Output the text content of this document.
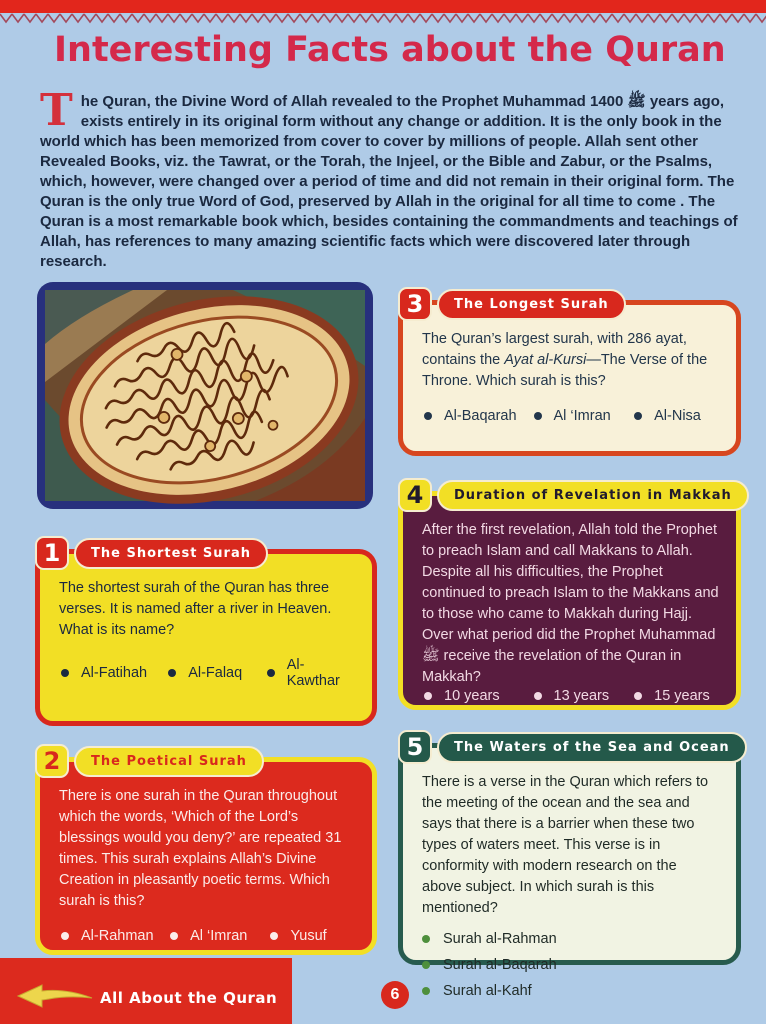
Interesting Facts about the Quran
The Quran, the Divine Word of Allah revealed to the Prophet Muhammad ﷺ 1400 years ago, exists entirely in its original form without any change or addition. It is the only book in the world which has been memorized from cover to cover by millions of people. Allah sent other Revealed Books, viz. the Tawrat, or the Torah, the Injeel, or the Bible and Zabur, or the Psalms, which, however, were changed over a period of time and did not remain in their original form. The Quran is the only true Word of God, preserved by Allah in the original for all time to come . The Quran is a most remarkable book which, besides containing the commandments and teachings of Allah, has references to many amazing scientific facts which were discovered later through research.
1	The Shortest Surah
The shortest surah of the Quran has three verses. It is named after a river in Heaven. What is its name?
Al-Fatihah	Al-Falaq	Al-Kawthar
2	The Poetical Surah
There is one surah in the Quran throughout which the words, ‘Which of the Lord’s blessings would you deny?’ are repeated 31 times. This surah explains Allah’s Divine Creation in pleasantly poetic terms. Which surah is this?
Al-Rahman	Al ‘Imran	Yusuf
3	The Longest Surah
The Quran’s largest surah, with 286 ayat, contains the Ayat al-Kursi—The Verse of the Throne. Which surah is this?
Al-Baqarah	Al ‘Imran	Al-Nisa
4	Duration of Revelation in Makkah
After the first revelation, Allah told the Prophet to preach Islam and call Makkans to Allah. Despite all his difficulties, the Prophet continued to preach Islam to the Makkans and to those who came to Makkah during Hajj. Over what period did the Prophet Muhammad ﷺ receive the revelation of the Quran in Makkah?
10 years	13 years	15 years
5	The Waters of the Sea and Ocean
There is a verse in the Quran which refers to the meeting of the ocean and the sea and says that there is a barrier when these two types of waters meet. This verse is in conformity with modern research on the above subject. In which surah is this mentioned?
Surah al-Rahman
Surah al-Baqarah
Surah al-Kahf
All About the Quran	6
